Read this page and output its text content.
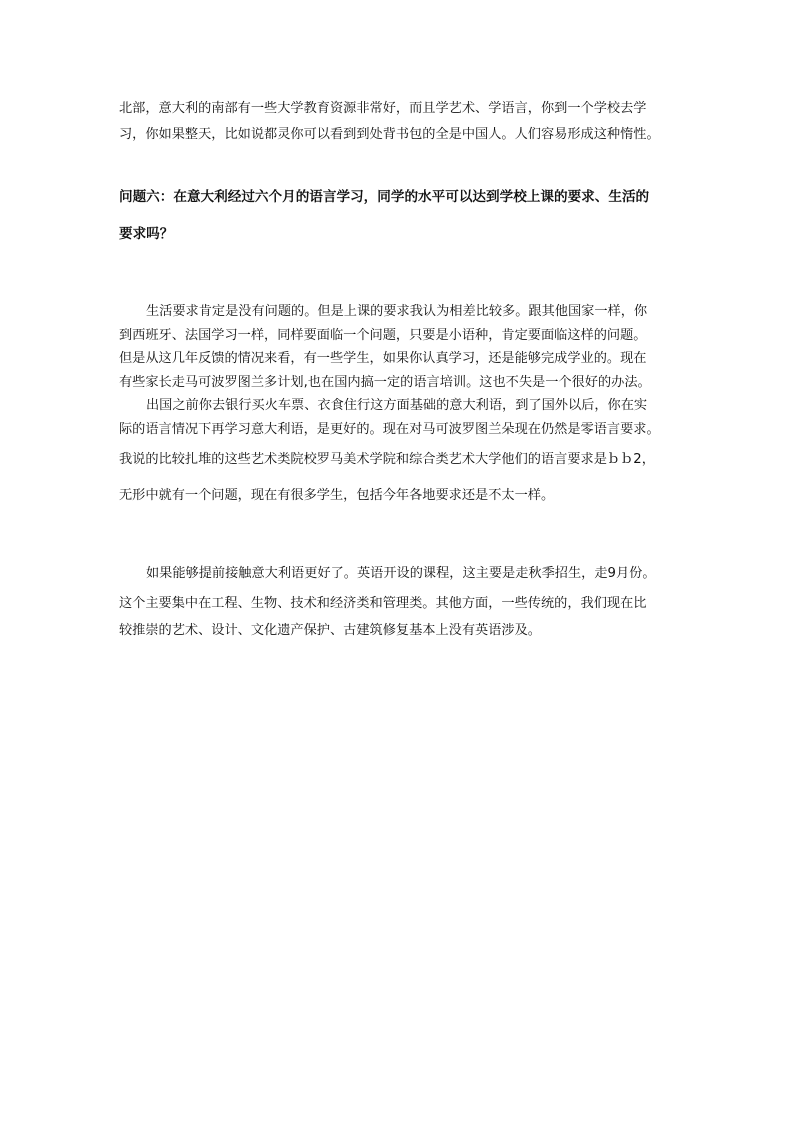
北部，意大利的南部有一些大学教育资源非常好，而且学艺术、学语言，你到一个学校去学
习，你如果整天，比如说都灵你可以看到到处背书包的全是中国人。人们容易形成这种惰性。
问题六：在意大利经过六个月的语言学习，同学的水平可以达到学校上课的要求、生活的
要求吗？
生活要求肯定是没有问题的。但是上课的要求我认为相差比较多。跟其他国家一样，你
到西班牙、法国学习一样，同样要面临一个问题，只要是小语种，肯定要面临这样的问题。
但是从这几年反馈的情况来看，有一些学生，如果你认真学习，还是能够完成学业的。现在
有些家长走马可波罗图兰多计划,也在国内搞一定的语言培训。这也不失是一个很好的办法。
出国之前你去银行买火车票、衣食住行这方面基础的意大利语，到了国外以后，你在实
际的语言情况下再学习意大利语，是更好的。现在对马可波罗图兰朵现在仍然是零语言要求。
我说的比较扎堆的这些艺术类院校罗马美术学院和综合类艺术大学他们的语言要求是ｂｂ2，
无形中就有一个问题，现在有很多学生，包括今年各地要求还是不太一样。
如果能够提前接触意大利语更好了。英语开设的课程，这主要是走秋季招生，走9月份。
这个主要集中在工程、生物、技术和经济类和管理类。其他方面，一些传统的，我们现在比
较推崇的艺术、设计、文化遗产保护、古建筑修复基本上没有英语涉及。
